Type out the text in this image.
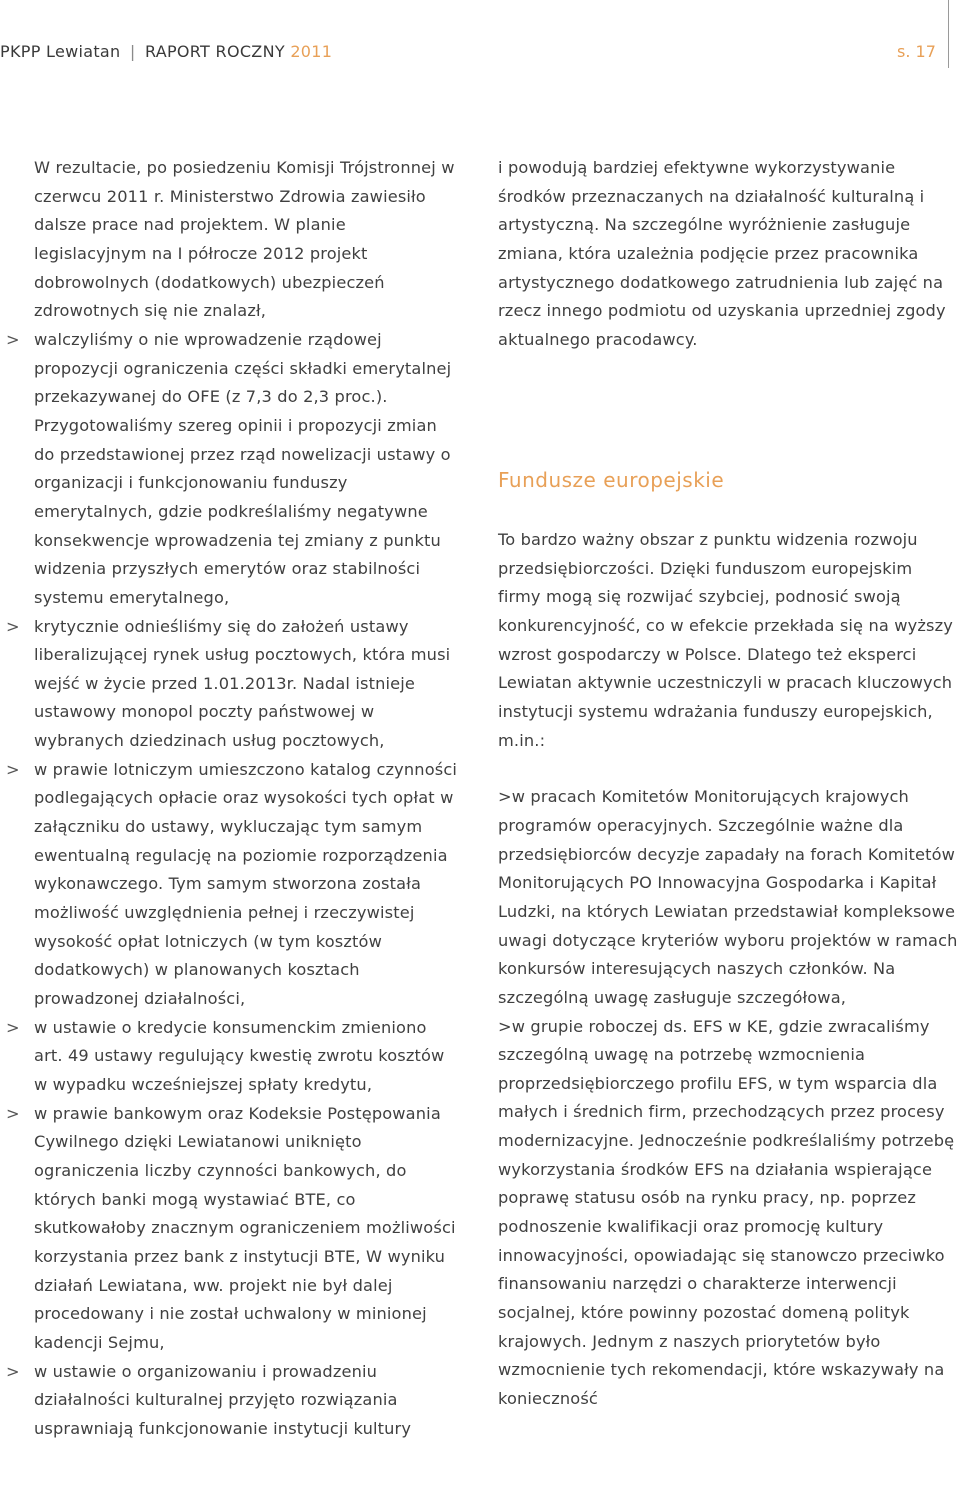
PKPP Lewiatan | RAPORT ROCZNY 2011	s. 17

W rezultacie, po posiedzeniu Komisji Trójstronnej w czerwcu 2011 r. Ministerstwo Zdrowia zawiesiło dalsze prace nad projektem. W planie legislacyjnym na I półrocze 2012 projekt dobrowolnych (dodatkowych) ubezpieczeń zdrowotnych się nie znalazł,

> walczyliśmy o nie wprowadzenie rządowej propozycji ograniczenia części składki emerytalnej przekazywanej do OFE (z 7,3 do 2,3 proc.). Przygotowaliśmy szereg opinii i propozycji zmian do przedstawionej przez rząd nowelizacji ustawy o organizacji i funkcjonowaniu funduszy emerytalnych, gdzie podkreślaliśmy negatywne konsekwencje wprowadzenia tej zmiany z punktu widzenia przyszłych emerytów oraz stabilności systemu emerytalnego,
> krytycznie odnieśliśmy się do założeń ustawy liberalizującej rynek usług pocztowych, która musi wejść w życie przed 1.01.2013r. Nadal istnieje ustawowy monopol poczty państwowej w wybranych dziedzinach usług pocztowych,
> w prawie lotniczym umieszczono katalog czynności podlegających opłacie oraz wysokości tych opłat w załączniku do ustawy, wykluczając tym samym ewentualną regulację na poziomie rozporządzenia wykonawczego. Tym samym stworzona została możliwość uwzględnienia pełnej i rzeczywistej wysokość opłat lotniczych (w tym kosztów dodatkowych) w planowanych kosztach prowadzonej działalności,
> w ustawie o kredycie konsumenckim zmieniono art. 49 ustawy regulujący kwestię zwrotu kosztów w wypadku wcześniejszej spłaty kredytu,
> w prawie bankowym oraz Kodeksie Postępowania Cywilnego dzięki Lewiatanowi uniknięto ograniczenia liczby czynności bankowych, do których banki mogą wystawiać BTE, co skutkowałoby znacznym ograniczeniem możliwości korzystania przez bank z instytucji BTE, W wyniku działań Lewiatana, ww. projekt nie był dalej procedowany i nie został uchwalony w minionej kadencji Sejmu,
> w ustawie o organizowaniu i prowadzeniu działalności kulturalnej przyjęto rozwiązania usprawniają funkcjonowanie instytucji kultury

i powodują bardziej efektywne wykorzystywanie środków przeznaczanych na działalność kulturalną i artystyczną. Na szczególne wyróżnienie zasługuje zmiana, która uzależnia podjęcie przez pracownika artystycznego dodatkowego zatrudnienia lub zajęć na rzecz innego podmiotu od uzyskania uprzedniej zgody aktualnego pracodawcy.

Fundusze europejskie

To bardzo ważny obszar z punktu widzenia rozwoju przedsiębiorczości. Dzięki funduszom europejskim firmy mogą się rozwijać szybciej, podnosić swoją konkurencyjność, co w efekcie przekłada się na wyższy wzrost gospodarczy w Polsce. Dlatego też eksperci Lewiatan aktywnie uczestniczyli w pracach kluczowych instytucji systemu wdrażania funduszy europejskich, m.in.:

>w pracach Komitetów Monitorujących krajowych programów operacyjnych. Szczególnie ważne dla przedsiębiorców decyzje zapadały na forach Komitetów Monitorujących PO Innowacyjna Gospodarka i Kapitał Ludzki, na których Lewiatan przedstawiał kompleksowe uwagi dotyczące kryteriów wyboru projektów w ramach konkursów interesujących naszych członków. Na szczególną uwagę zasługuje szczegółowa,
>w grupie roboczej ds. EFS w KE, gdzie zwracaliśmy szczególną uwagę na potrzebę wzmocnienia proprzedsiębiorczego profilu EFS, w tym wsparcia dla małych i średnich firm, przechodzących przez procesy modernizacyjne. Jednocześnie podkreślaliśmy potrzebę wykorzystania środków EFS na działania wspierające poprawę statusu osób na rynku pracy, np. poprzez podnoszenie kwalifikacji oraz promocję kultury innowacyjności, opowiadając się stanowczo przeciwko finansowaniu narzędzi o charakterze interwencji socjalnej, które powinny pozostać domeną polityk krajowych. Jednym z naszych priorytetów było wzmocnienie tych rekomendacji, które wskazywały na konieczność
